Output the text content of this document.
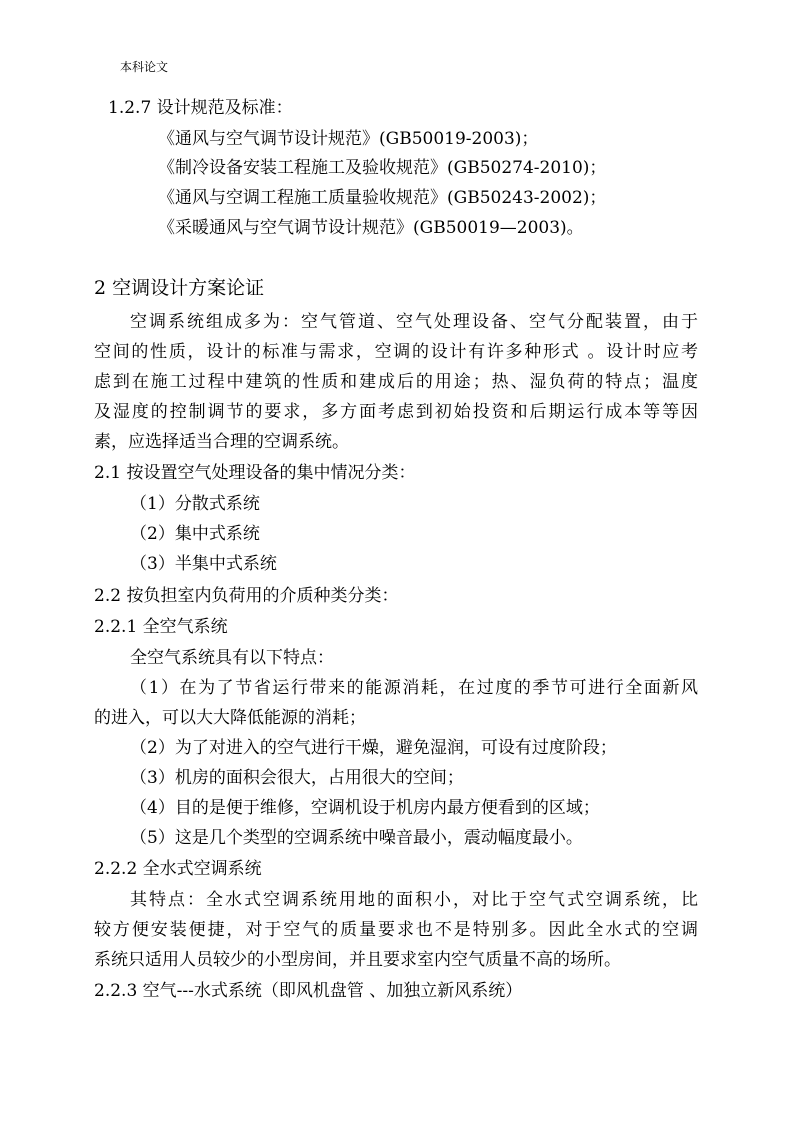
本科论文
1.2.7 设计规范及标准：
《通风与空气调节设计规范》(GB50019-2003)；
《制冷设备安装工程施工及验收规范》(GB50274-2010)；
《通风与空调工程施工质量验收规范》(GB50243-2002)；
《采暖通风与空气调节设计规范》(GB50019—2003)。
2 空调设计方案论证
空调系统组成多为：空气管道、空气处理设备、空气分配装置，由于
空间的性质，设计的标准与需求，空调的设计有许多种形式 。设计时应考
虑到在施工过程中建筑的性质和建成后的用途；热、湿负荷的特点；温度
及湿度的控制调节的要求，多方面考虑到初始投资和后期运行成本等等因
素，应选择适当合理的空调系统。
2.1 按设置空气处理设备的集中情况分类：
（1）分散式系统
（2）集中式系统
（3）半集中式系统
2.2 按负担室内负荷用的介质种类分类：
2.2.1 全空气系统
全空气系统具有以下特点：
（1）在为了节省运行带来的能源消耗，在过度的季节可进行全面新风
的进入，可以大大降低能源的消耗；
（2）为了对进入的空气进行干燥，避免湿润，可设有过度阶段；
（3）机房的面积会很大，占用很大的空间；
（4）目的是便于维修，空调机设于机房内最方便看到的区域；
（5）这是几个类型的空调系统中噪音最小，震动幅度最小。
2.2.2 全水式空调系统
其特点：全水式空调系统用地的面积小，对比于空气式空调系统，比
较方便安装便捷，对于空气的质量要求也不是特别多。因此全水式的空调
系统只适用人员较少的小型房间，并且要求室内空气质量不高的场所。
2.2.3 空气---水式系统（即风机盘管 、加独立新风系统）
